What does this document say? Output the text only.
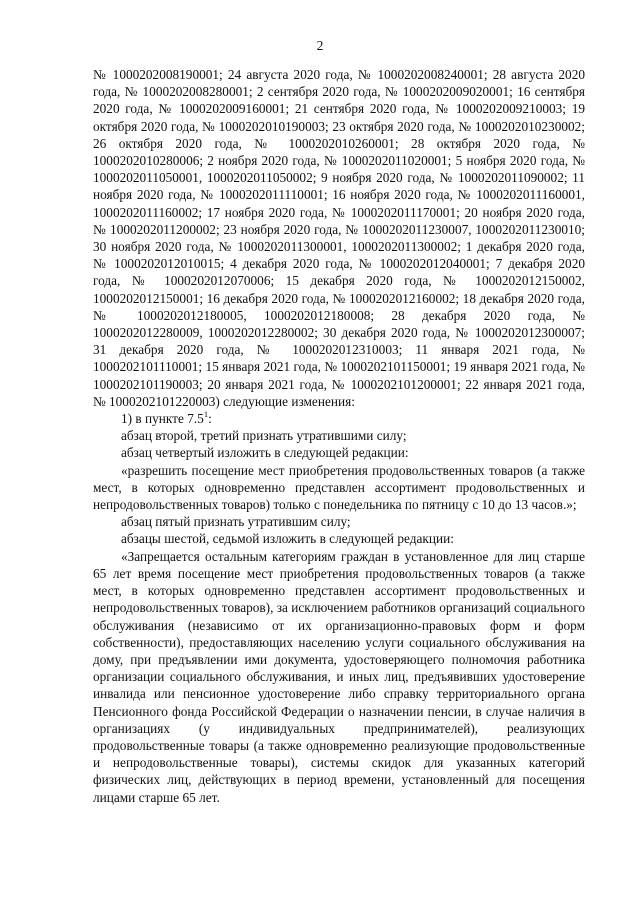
2

№ 1000202008190001; 24 августа 2020 года, № 1000202008240001; 28 августа 2020 года, № 1000202008280001; 2 сентября 2020 года, № 1000202009020001; 16 сентября 2020 года, № 1000202009160001; 21 сентября 2020 года, № 1000202009210003; 19 октября 2020 года, № 1000202010190003; 23 октября 2020 года, № 1000202010230002; 26 октября 2020 года, № 1000202010260001; 28 октября 2020 года, № 1000202010280006; 2 ноября 2020 года, № 1000202011020001; 5 ноября 2020 года, № 1000202011050001, 1000202011050002; 9 ноября 2020 года, № 1000202011090002; 11 ноября 2020 года, № 1000202011110001; 16 ноября 2020 года, № 1000202011160001, 1000202011160002; 17 ноября 2020 года, № 1000202011170001; 20 ноября 2020 года, № 1000202011200002; 23 ноября 2020 года, № 1000202011230007, 1000202011230010; 30 ноября 2020 года, № 1000202011300001, 1000202011300002; 1 декабря 2020 года, № 1000202012010015; 4 декабря 2020 года, № 1000202012040001; 7 декабря 2020 года, № 1000202012070006; 15 декабря 2020 года, № 1000202012150002, 1000202012150001; 16 декабря 2020 года, № 1000202012160002; 18 декабря 2020 года, № 1000202012180005, 1000202012180008; 28 декабря 2020 года, № 1000202012280009, 1000202012280002; 30 декабря 2020 года, № 1000202012300007; 31 декабря 2020 года, № 1000202012310003; 11 января 2021 года, № 1000202101110001; 15 января 2021 года, № 1000202101150001; 19 января 2021 года, № 1000202101190003; 20 января 2021 года, № 1000202101200001; 22 января 2021 года, № 1000202101220003) следующие изменения:

1) в пункте $7.5^1$:

абзац второй, третий признать утратившими силу;

абзац четвертый изложить в следующей редакции:

«разрешить посещение мест приобретения продовольственных товаров (а также мест, в которых одновременно представлен ассортимент продовольственных и непродовольственных товаров) только с понедельника по пятницу с 10 до 13 часов.»;

абзац пятый признать утратившим силу;

абзацы шестой, седьмой изложить в следующей редакции:

«Запрещается остальным категориям граждан в установленное для лиц старше 65 лет время посещение мест приобретения продовольственных товаров (а также мест, в которых одновременно представлен ассортимент продовольственных и непродовольственных товаров), за исключением работников организаций социального обслуживания (независимо от их организационно-правовых форм и форм собственности), предоставляющих населению услуги социального обслуживания на дому, при предъявлении ими документа, удостоверяющего полномочия работника организации социального обслуживания, и иных лиц, предъявивших удостоверение инвалида или пенсионное удостоверение либо справку территориального органа Пенсионного фонда Российской Федерации о назначении пенсии, в случае наличия в организациях (у индивидуальных предпринимателей), реализующих продовольственные товары (а также одновременно реализующие продовольственные и непродовольственные товары), системы скидок для указанных категорий физических лиц, действующих в период времени, установленный для посещения лицами старше 65 лет.
